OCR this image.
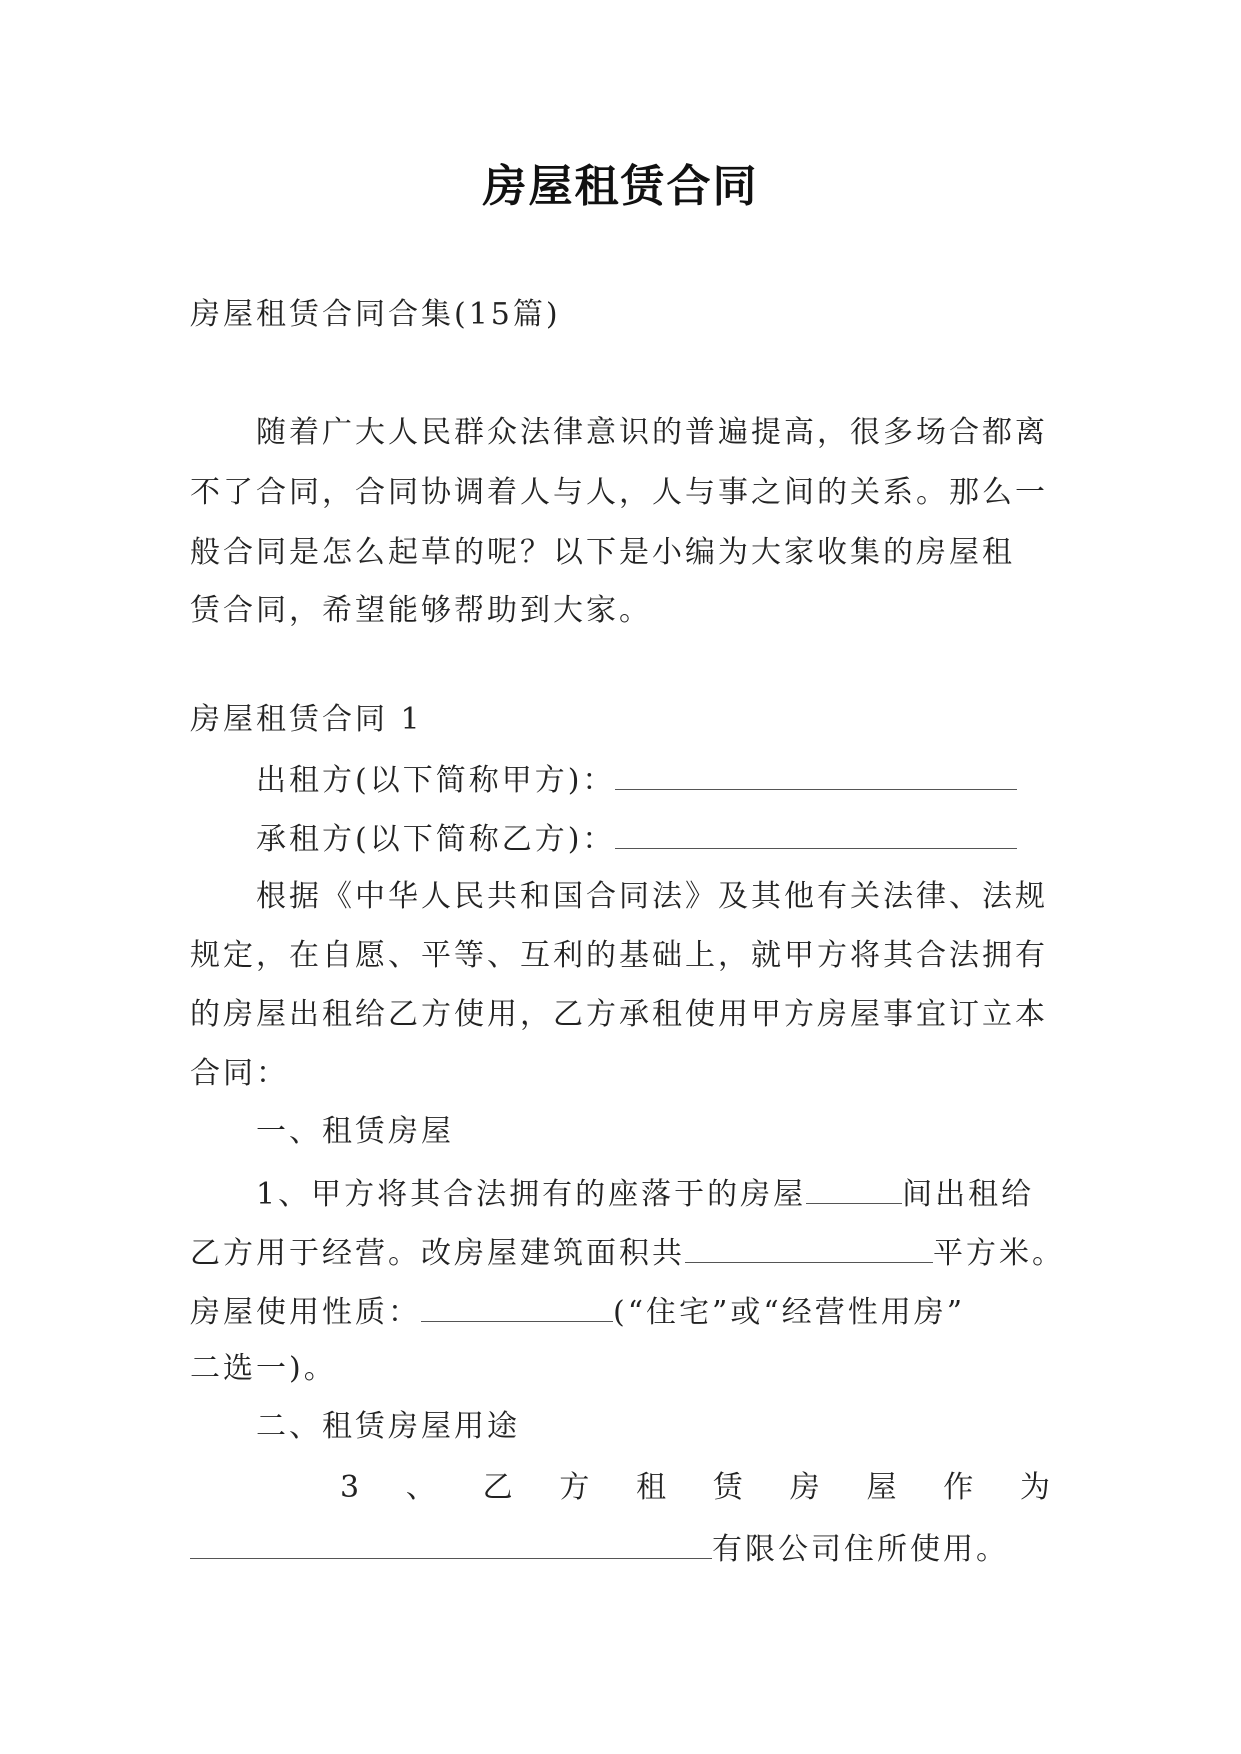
房屋租赁合同
房屋租赁合同合集(15篇)
随着广大人民群众法律意识的普遍提高，很多场合都离
不了合同，合同协调着人与人，人与事之间的关系。那么一
般合同是怎么起草的呢？以下是小编为大家收集的房屋租
赁合同，希望能够帮助到大家。
房屋租赁合同 1
出租方(以下简称甲方)：
承租方(以下简称乙方)：
根据《中华人民共和国合同法》及其他有关法律、法规
规定，在自愿、平等、互利的基础上，就甲方将其合法拥有
的房屋出租给乙方使用，乙方承租使用甲方房屋事宜订立本
合同：
一、租赁房屋
1、甲方将其合法拥有的座落于的房屋	间出租给
乙方用于经营。改房屋建筑面积共	平方米。
房屋使用性质：	(“住宅”或“经营性用房”
二选一)。
二、租赁房屋用途
3 、 乙 方 租 赁 房 屋 作 为
有限公司住所使用。
